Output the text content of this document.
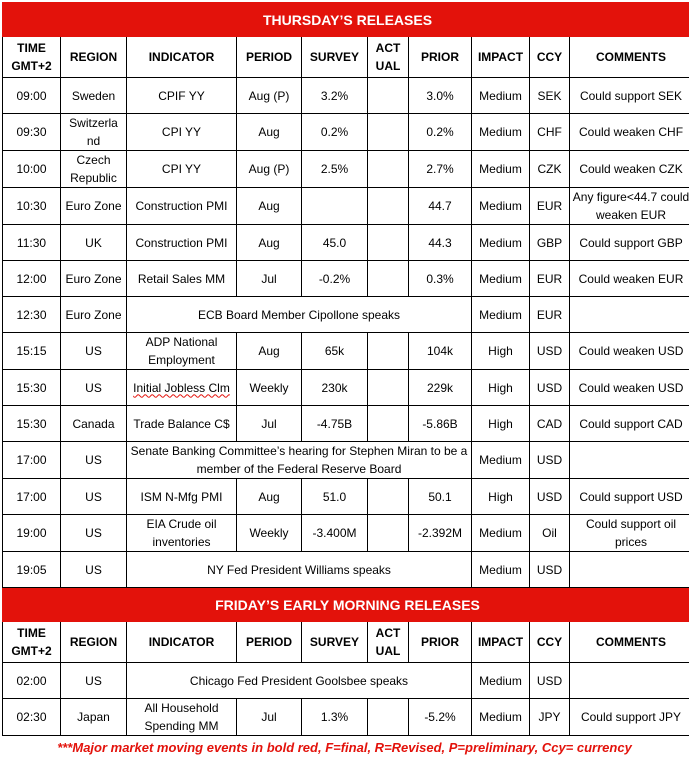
THURSDAY’S RELEASES									
TIME GMT+2	REGION	INDICATOR	PERIOD	SURVEY	ACT UAL	PRIOR	IMPACT	CCY	COMMENTS
09:00	Sweden	CPIF YY	Aug (P)	3.2%		3.0%	Medium	SEK	Could support SEK
09:30	Switzerla nd	CPI YY	Aug	0.2%		0.2%	Medium	CHF	Could weaken CHF
10:00	Czech Republic	CPI YY	Aug (P)	2.5%		2.7%	Medium	CZK	Could weaken CZK
10:30	Euro Zone	Construction PMI	Aug			44.7	Medium	EUR	Any figure<44.7 could weaken EUR
11:30	UK	Construction PMI	Aug	45.0		44.3	Medium	GBP	Could support GBP
12:00	Euro Zone	Retail Sales MM	Jul	-0.2%		0.3%	Medium	EUR	Could weaken EUR
12:30	Euro Zone	ECB Board Member Cipollone speaks					Medium	EUR	
15:15	US	ADP National Employment	Aug	65k		104k	High	USD	Could weaken USD
15:30	US	Initial Jobless Clm	Weekly	230k		229k	High	USD	Could weaken USD
15:30	Canada	Trade Balance C$	Jul	-4.75B		-5.86B	High	CAD	Could support CAD
17:00	US	Senate Banking Committee’s hearing for Stephen Miran to be a member of the Federal Reserve Board					Medium	USD	
17:00	US	ISM N-Mfg PMI	Aug	51.0		50.1	High	USD	Could support USD
19:00	US	EIA Crude oil inventories	Weekly	-3.400M		-2.392M	Medium	Oil	Could support oil prices
19:05	US	NY Fed President Williams speaks					Medium	USD	
FRIDAY’S EARLY MORNING RELEASES									
TIME GMT+2	REGION	INDICATOR	PERIOD	SURVEY	ACT UAL	PRIOR	IMPACT	CCY	COMMENTS
02:00	US	Chicago Fed President Goolsbee speaks					Medium	USD	
02:30	Japan	All Household Spending MM	Jul	1.3%		-5.2%	Medium	JPY	Could support JPY
***Major market moving events in bold red, F=final, R=Revised, P=preliminary, Ccy= currency
